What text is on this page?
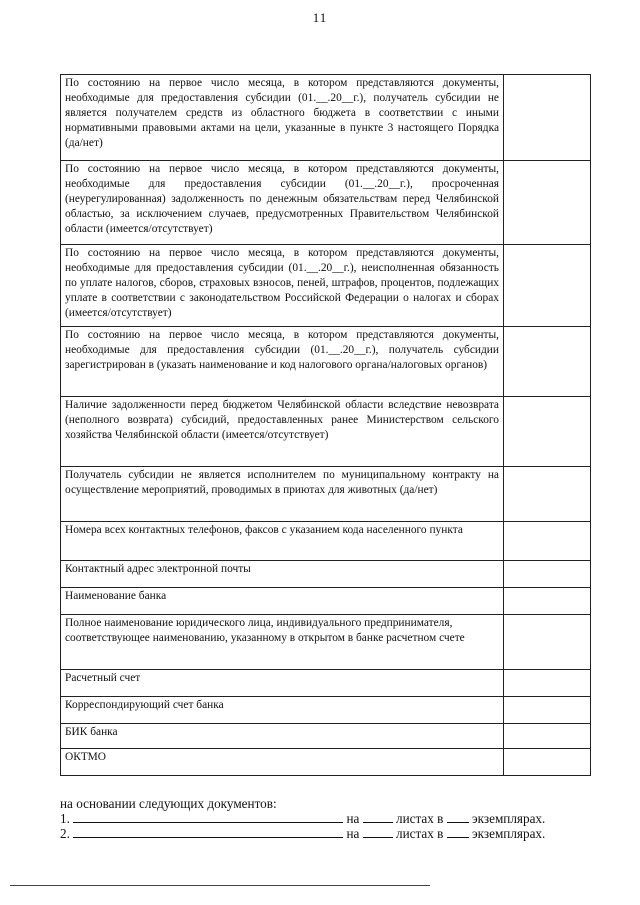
11
По состоянию на первое число месяца, в котором представляются документы, необходимые для предоставления субсидии (01.__.20__г.), получатель субсидии не является получателем средств из областного бюджета в соответствии с иными нормативными правовыми актами на цели, указанные в пункте 3 настоящего Порядка (да/нет)	
По состоянию на первое число месяца, в котором представляются документы, необходимые для предоставления субсидии (01.__.20__г.), просроченная (неурегулированная) задолженность по денежным обязательствам перед Челябинской областью, за исключением случаев, предусмотренных Правительством Челябинской области (имеется/отсутствует)	
По состоянию на первое число месяца, в котором представляются документы, необходимые для предоставления субсидии (01.__.20__г.), неисполненная обязанность по уплате налогов, сборов, страховых взносов, пеней, штрафов, процентов, подлежащих уплате в соответствии с законодательством Российской Федерации о налогах и сборах (имеется/отсутствует)	
По состоянию на первое число месяца, в котором представляются документы, необходимые для предоставления субсидии (01.__.20__г.), получатель субсидии зарегистрирован в (указать наименование и код налогового органа/налоговых органов)	
Наличие задолженности перед бюджетом Челябинской области вследствие невозврата (неполного возврата) субсидий, предоставленных ранее Министерством сельского хозяйства Челябинской области (имеется/отсутствует)	
Получатель субсидии не является исполнителем по муниципальному контракту на осуществление мероприятий, проводимых в приютах для животных (да/нет)	
Номера всех контактных телефонов, факсов с указанием кода населенного пункта	
Контактный адрес электронной почты	
Наименование банка	
Полное наименование юридического лица, индивидуального предпринимателя, соответствующее наименованию, указанному в открытом в банке расчетном счете	
Расчетный счет	
Корреспондирующий счет банка	
БИК банка	
ОКТМО	
на основании следующих документов:
1.	на	листах в экземплярах.
2.	на	листах в экземплярах.
